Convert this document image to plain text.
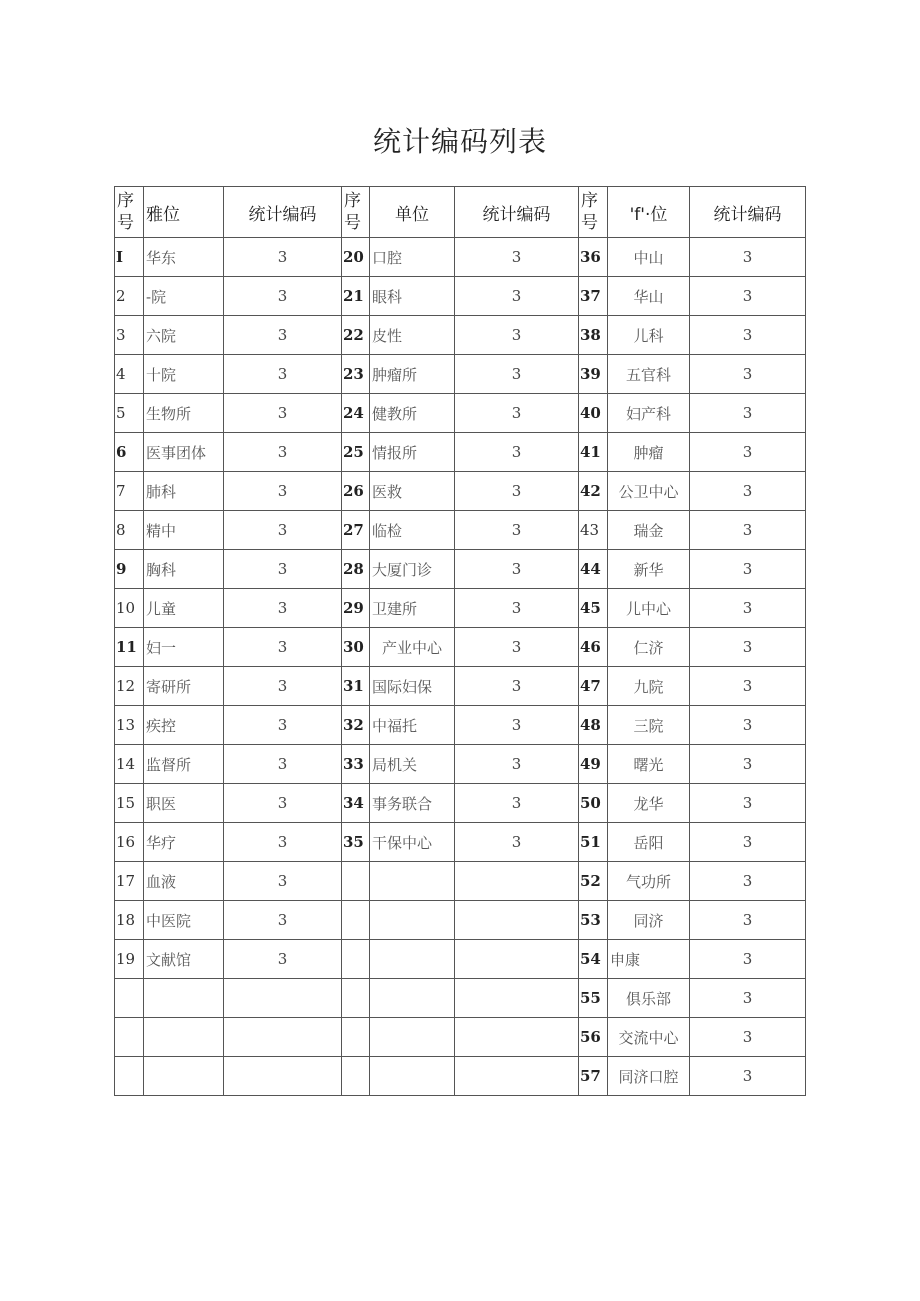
统计编码列表
序号	雅位	统计编码	序号	单位	统计编码	序号	'f'·位	统计编码
I	华东	3	20	口腔	3	36	中山	3
2	-院	3	21	眼科	3	37	华山	3
3	六院	3	22	皮性	3	38	儿科	3
4	十院	3	23	肿瘤所	3	39	五官科	3
5	生物所	3	24	健教所	3	40	妇产科	3
6	医事团体	3	25	情报所	3	41	肿瘤	3
7	肺科	3	26	医救	3	42	公卫中心	3
8	精中	3	27	临检	3	43	瑞金	3
9	胸科	3	28	大厦门诊	3	44	新华	3
10	儿童	3	29	卫建所	3	45	儿中心	3
11	妇一	3	30	产业中心	3	46	仁济	3
12	寄研所	3	31	国际妇保	3	47	九院	3
13	疾控	3	32	中福托	3	48	三院	3
14	监督所	3	33	局机关	3	49	曙光	3
15	职医	3	34	事务联合	3	50	龙华	3
16	华疗	3	35	干保中心	3	51	岳阳	3
17	血液	3				52	气功所	3
18	中医院	3				53	同济	3
19	文献馆	3				54	申康	3
						55	俱乐部	3
						56	交流中心	3
						57	同济口腔	3
